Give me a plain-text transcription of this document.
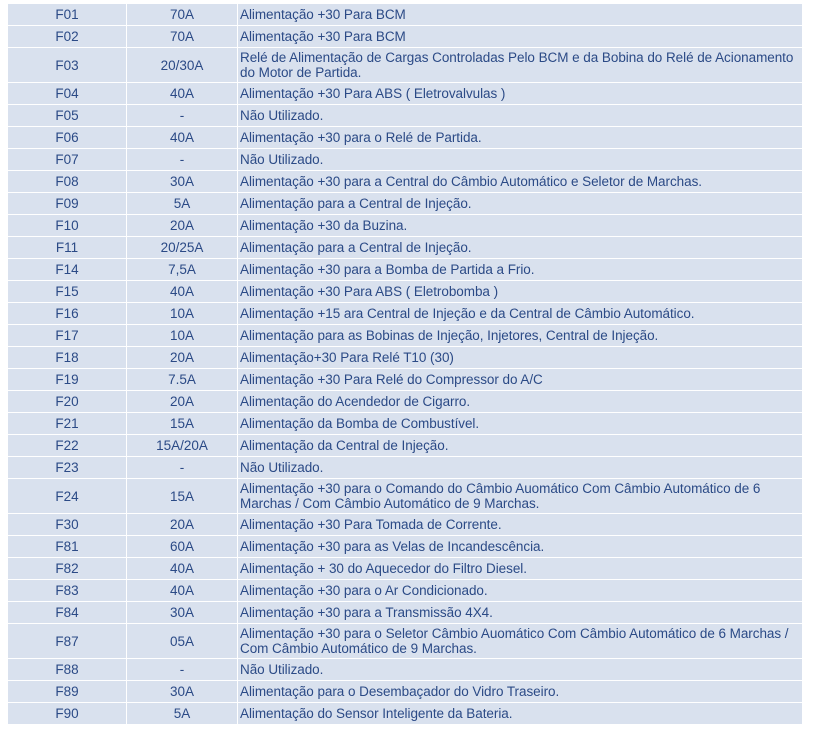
F01	70A	Alimentação +30 Para BCM
F02	70A	Alimentação +30 Para BCM
F03	20/30A	Relé de Alimentação de Cargas Controladas Pelo BCM e da Bobina do Relé de Acionamento do Motor de Partida.
F04	40A	Alimentação +30 Para ABS ( Eletrovalvulas )
F05	-	Não Utilizado.
F06	40A	Alimentação +30 para o Relé de Partida.
F07	-	Não Utilizado.
F08	30A	Alimentação +30 para a Central do Câmbio Automático e Seletor de Marchas.
F09	5A	Alimentação para a Central de Injeção.
F10	20A	Alimentação +30 da Buzina.
F11	20/25A	Alimentação para a Central de Injeção.
F14	7,5A	Alimentação +30 para a Bomba de Partida a Frio.
F15	40A	Alimentação +30 Para ABS ( Eletrobomba )
F16	10A	Alimentação +15 ara Central de Injeção e da Central de Câmbio Automático.
F17	10A	Alimentação para as Bobinas de Injeção, Injetores, Central de Injeção.
F18	20A	Alimentação+30 Para Relé T10 (30)
F19	7.5A	Alimentação +30 Para Relé do Compressor do A/C
F20	20A	Alimentação do Acendedor de Cigarro.
F21	15A	Alimentação da Bomba de Combustível.
F22	15A/20A	Alimentação da Central de Injeção.
F23	-	Não Utilizado.
F24	15A	Alimentação +30 para o Comando do Câmbio Auomático Com Câmbio Automático de 6 Marchas / Com Câmbio Automático de 9 Marchas.
F30	20A	Alimentação +30 Para Tomada de Corrente.
F81	60A	Alimentação +30 para as Velas de Incandescência.
F82	40A	Alimentação + 30 do Aquecedor do Filtro Diesel.
F83	40A	Alimentação +30 para o Ar Condicionado.
F84	30A	Alimentação +30 para a Transmissão 4X4.
F87	05A	Alimentação +30 para o Seletor Câmbio Auomático Com Câmbio Automático de 6 Marchas / Com Câmbio Automático de 9 Marchas.
F88	-	Não Utilizado.
F89	30A	Alimentação para o Desembaçador do Vidro Traseiro.
F90	5A	Alimentação do Sensor Inteligente da Bateria.
